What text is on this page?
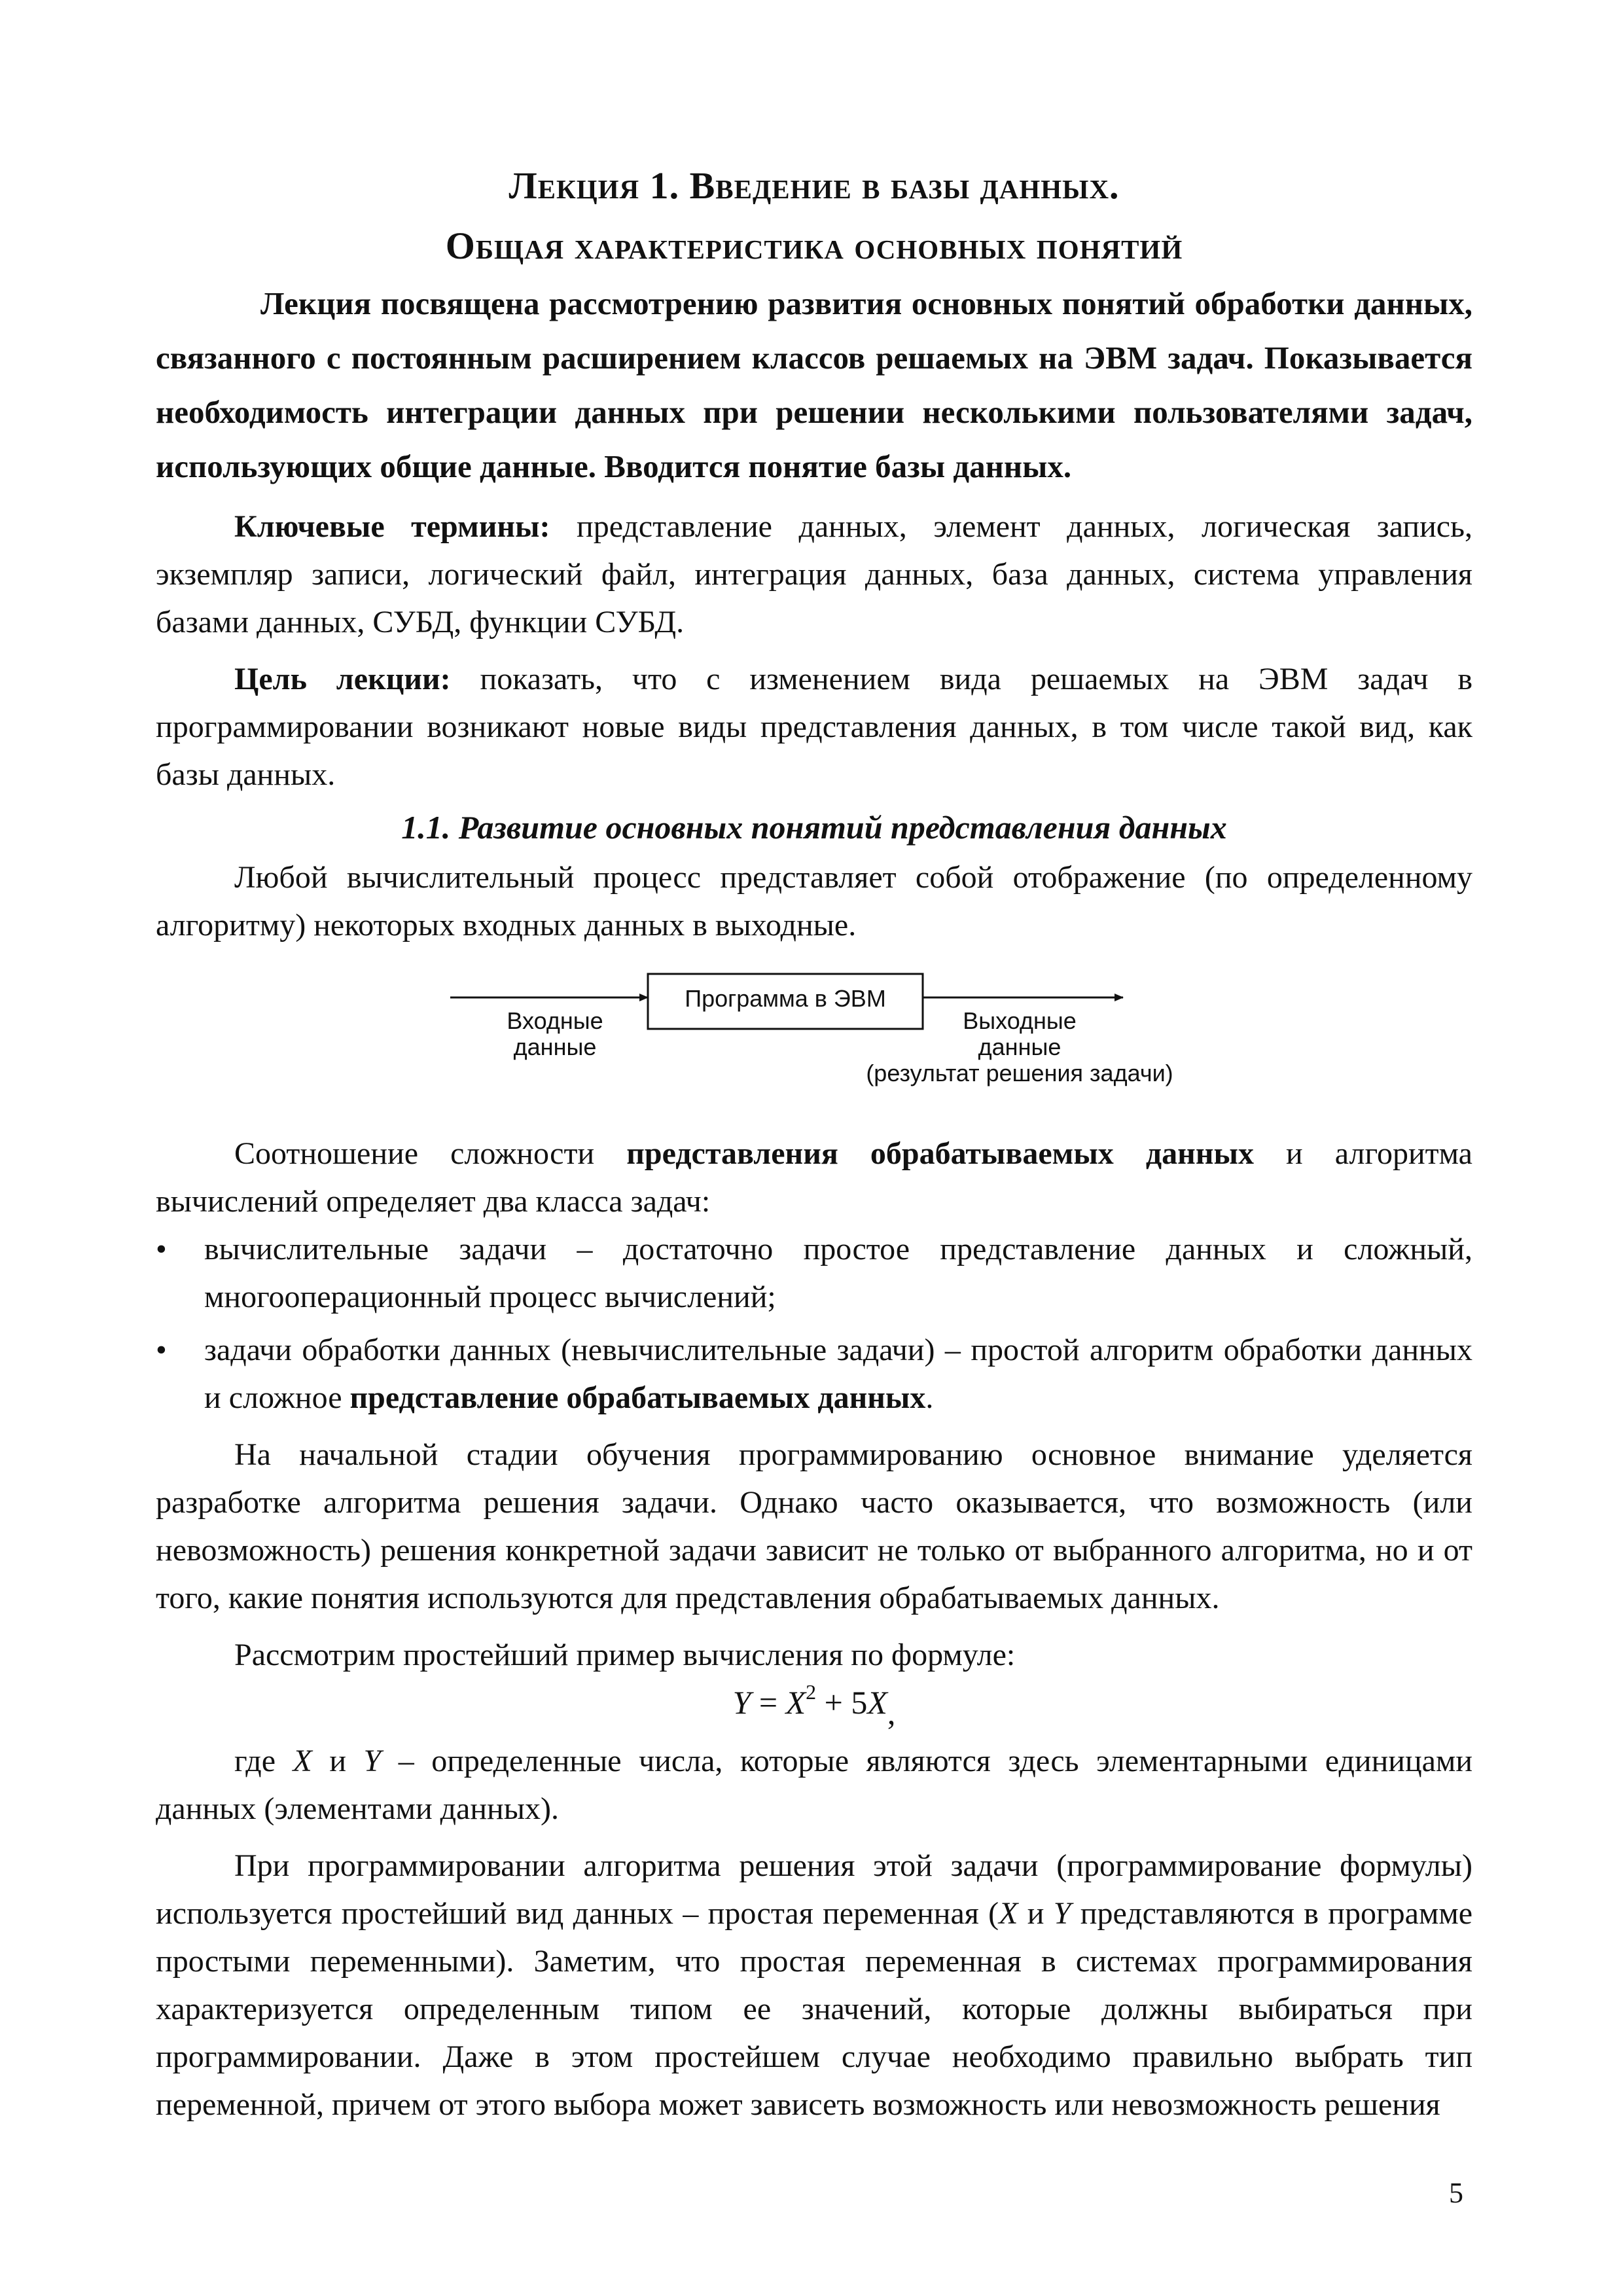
Лекция 1. Введение в базы данных.

Общая характеристика основных понятий

Лекция посвящена рассмотрению развития основных понятий обработки данных, связанного с постоянным расширением классов решаемых на ЭВМ задач. Показывается необходимость интеграции данных при решении несколькими пользователями задач, использующих общие данные. Вводится понятие базы данных.

Ключевые термины: представление данных, элемент данных, логическая запись, экземпляр записи, логический файл, интеграция данных, база данных, система управления базами данных, СУБД, функции СУБД.

Цель лекции: показать, что с изменением вида решаемых на ЭВМ задач в программировании возникают новые виды представления данных, в том числе такой вид, как базы данных.

1.1. Развитие основных понятий представления данных

Любой вычислительный процесс представляет собой отображение (по определенному алгоритму) некоторых входных данных в выходные.

Программа в ЭВМ
Входные
данные
Выходные
данные
(результат решения задачи)

Соотношение сложности представления обрабатываемых данных и алгоритма вычислений определяет два класса задач:

• вычислительные задачи – достаточно простое представление данных и сложный, многооперационный процесс вычислений;
• задачи обработки данных (невычислительные задачи) – простой алгоритм обработки данных и сложное представление обрабатываемых данных.

На начальной стадии обучения программированию основное внимание уделяется разработке алгоритма решения задачи. Однако часто оказывается, что возможность (или невозможность) решения конкретной задачи зависит не только от выбранного алгоритма, но и от того, какие понятия используются для представления обрабатываемых данных.

Рассмотрим простейший пример вычисления по формуле:

$Y = X^2 + 5X$,

где X и Y – определенные числа, которые являются здесь элементарными единицами данных (элементами данных).

При программировании алгоритма решения этой задачи (программирование формулы) используется простейший вид данных – простая переменная (X и Y представляются в программе простыми переменными). Заметим, что простая переменная в системах программирования характеризуется определенным типом ее значений, которые должны выбираться при программировании. Даже в этом простейшем случае необходимо правильно выбрать тип переменной, причем от этого выбора может зависеть возможность или невозможность решения

5
